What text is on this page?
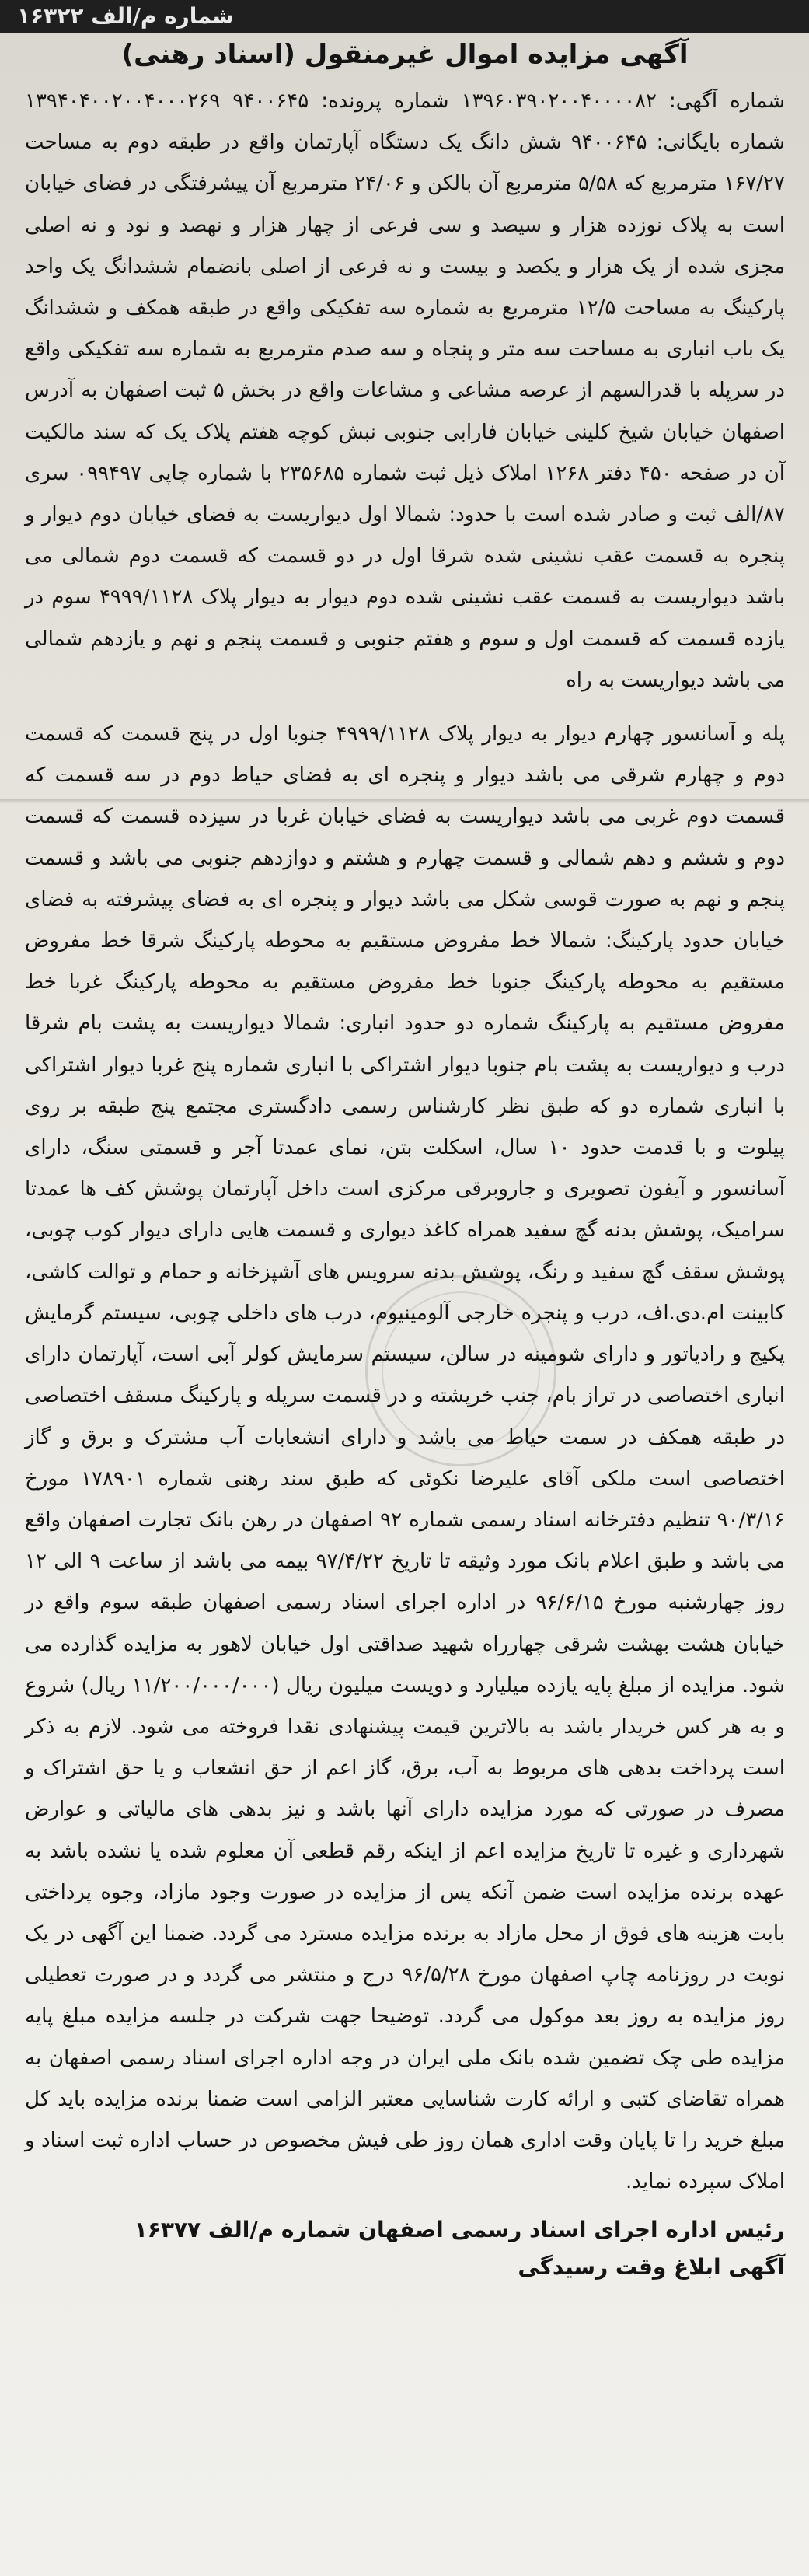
شماره م/الف ۱۶۳۲۲
آگهی مزایده اموال غیرمنقول (اسناد رهنی)

شماره آگهی: ۱۳۹۶۰۳۹۰۲۰۰۴۰۰۰۰۸۲ شماره پرونده: ۹۴۰۰۶۴۵ ۱۳۹۴۰۴۰۰۲۰۰۴۰۰۰۲۶۹ شماره بایگانی: ۹۴۰۰۶۴۵ شش دانگ یک دستگاه آپارتمان واقع در طبقه دوم به مساحت ۱۶۷/۲۷ مترمربع که ۵/۵۸ مترمربع آن بالکن و ۲۴/۰۶ مترمربع آن پیشرفتگی در فضای خیابان است به پلاک نوزده هزار و سیصد و سی فرعی از چهار هزار و نهصد و نود و نه اصلی مجزی شده از یک هزار و یکصد و بیست و نه فرعی از اصلی بانضمام ششدانگ یک واحد پارکینگ به مساحت ۱۲/۵ مترمربع به شماره سه تفکیکی واقع در طبقه همکف و ششدانگ یک باب انباری به مساحت سه متر و پنجاه و سه صدم مترمربع به شماره سه تفکیکی واقع در سرپله با قدرالسهم از عرصه مشاعی و مشاعات واقع در بخش ۵ ثبت اصفهان به آدرس اصفهان خیابان شیخ کلینی خیابان فارابی جنوبی نبش کوچه هفتم پلاک یک که سند مالکیت آن در صفحه ۴۵۰ دفتر ۱۲۶۸ املاک ذیل ثبت شماره ۲۳۵۶۸۵ با شماره چاپی ۰۹۹۴۹۷ سری ۸۷/الف ثبت و صادر شده است با حدود: شمالا اول دیواریست به فضای خیابان دوم دیوار و پنجره به قسمت عقب نشینی شده شرقا اول در دو قسمت که قسمت دوم شمالی می باشد دیواریست به قسمت عقب نشینی شده دوم دیوار به دیوار پلاک ۴۹۹۹/۱۱۲۸ سوم در یازده قسمت که قسمت اول و سوم و هفتم جنوبی و قسمت پنجم و نهم و یازدهم شمالی می باشد دیواریست به راه

پله و آسانسور چهارم دیوار به دیوار پلاک ۴۹۹۹/۱۱۲۸ جنوبا اول در پنج قسمت که قسمت دوم و چهارم شرقی می باشد دیوار و پنجره ای به فضای حیاط دوم در سه قسمت که قسمت دوم غربی می باشد دیواریست به فضای خیابان غربا در سیزده قسمت که قسمت دوم و ششم و دهم شمالی و قسمت چهارم و هشتم و دوازدهم جنوبی می باشد و قسمت پنجم و نهم به صورت قوسی شکل می باشد دیوار و پنجره ای به فضای پیشرفته به فضای خیابان حدود پارکینگ: شمالا خط مفروض مستقیم به محوطه پارکینگ شرقا خط مفروض مستقیم به محوطه پارکینگ جنوبا خط مفروض مستقیم به محوطه پارکینگ غربا خط مفروض مستقیم به پارکینگ شماره دو حدود انباری: شمالا دیواریست به پشت بام شرقا درب و دیواریست به پشت بام جنوبا دیوار اشتراکی با انباری شماره پنج غربا دیوار اشتراکی با انباری شماره دو که طبق نظر کارشناس رسمی دادگستری مجتمع پنج طبقه بر روی پیلوت و با قدمت حدود ۱۰ سال، اسکلت بتن، نمای عمدتا آجر و قسمتی سنگ، دارای آسانسور و آیفون تصویری و جاروبرقی مرکزی است داخل آپارتمان پوشش کف ها عمدتا سرامیک، پوشش بدنه گچ سفید همراه کاغذ دیواری و قسمت هایی دارای دیوار کوب چوبی، پوشش سقف گچ سفید و رنگ، پوشش بدنه سرویس های آشپزخانه و حمام و توالت کاشی، کابینت ام.دی.اف، درب و پنجره خارجی آلومینیوم، درب های داخلی چوبی، سیستم گرمایش پکیج و رادیاتور و دارای شومینه در سالن، سیستم سرمایش کولر آبی است، آپارتمان دارای انباری اختصاصی در تراز بام، جنب خرپشته و در قسمت سرپله و پارکینگ مسقف اختصاصی در طبقه همکف در سمت حیاط می باشد و دارای انشعابات آب مشترک و برق و گاز اختصاصی است ملکی آقای علیرضا نکوئی که طبق سند رهنی شماره ۱۷۸۹۰۱ مورخ ۹۰/۳/۱۶ تنظیم دفترخانه اسناد رسمی شماره ۹۲ اصفهان در رهن بانک تجارت اصفهان واقع می باشد و طبق اعلام بانک مورد وثیقه تا تاریخ ۹۷/۴/۲۲ بیمه می باشد از ساعت ۹ الی ۱۲ روز چهارشنبه مورخ ۹۶/۶/۱۵ در اداره اجرای اسناد رسمی اصفهان طبقه سوم واقع در خیابان هشت بهشت شرقی چهارراه شهید صداقتی اول خیابان لاهور به مزایده گذارده می شود. مزایده از مبلغ پایه یازده میلیارد و دویست میلیون ریال (۱۱/۲۰۰/۰۰۰/۰۰۰ ریال) شروع و به هر کس خریدار باشد به بالاترین قیمت پیشنهادی نقدا فروخته می شود. لازم به ذکر است پرداخت بدهی های مربوط به آب، برق، گاز اعم از حق انشعاب و یا حق اشتراک و مصرف در صورتی که مورد مزایده دارای آنها باشد و نیز بدهی های مالیاتی و عوارض شهرداری و غیره تا تاریخ مزایده اعم از اینکه رقم قطعی آن معلوم شده یا نشده باشد به عهده برنده مزایده است ضمن آنکه پس از مزایده در صورت وجود مازاد، وجوه پرداختی بابت هزینه های فوق از محل مازاد به برنده مزایده مسترد می گردد. ضمنا این آگهی در یک نوبت در روزنامه چاپ اصفهان مورخ ۹۶/۵/۲۸ درج و منتشر می گردد و در صورت تعطیلی روز مزایده به روز بعد موکول می گردد. توضیحا جهت شرکت در جلسه مزایده مبلغ پایه مزایده طی چک تضمین شده بانک ملی ایران در وجه اداره اجرای اسناد رسمی اصفهان به همراه تقاضای کتبی و ارائه کارت شناسایی معتبر الزامی است ضمنا برنده مزایده باید کل مبلغ خرید را تا پایان وقت اداری همان روز طی فیش مخصوص در حساب اداره ثبت اسناد و املاک سپرده نماید.

رئیس اداره اجرای اسناد رسمی اصفهان شماره م/الف ۱۶۳۷۷
آگهی ابلاغ وقت رسیدگی
